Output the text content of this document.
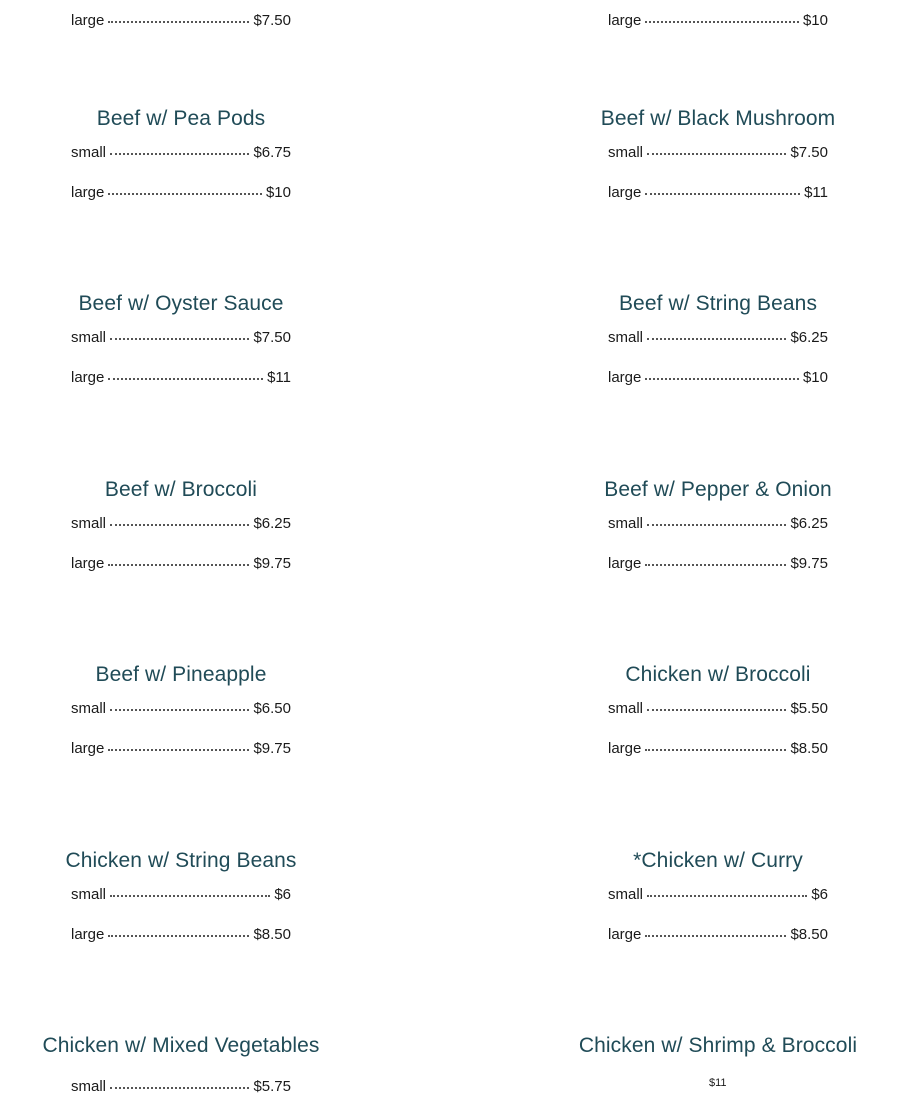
large	$7.50
Beef w/ Pea Pods
small	$6.75
large	$10
Beef w/ Oyster Sauce
small	$7.50
large	$11
Beef w/ Broccoli
small	$6.25
large	$9.75
Beef w/ Pineapple
small	$6.50
large	$9.75
Chicken w/ String Beans
small	$6
large	$8.50
Chicken w/ Mixed Vegetables
small	$5.75
large	$10
Beef w/ Black Mushroom
small	$7.50
large	$11
Beef w/ String Beans
small	$6.25
large	$10
Beef w/ Pepper & Onion
small	$6.25
large	$9.75
Chicken w/ Broccoli
small	$5.50
large	$8.50
*Chicken w/ Curry
small	$6
large	$8.50
Chicken w/ Shrimp & Broccoli
$11
